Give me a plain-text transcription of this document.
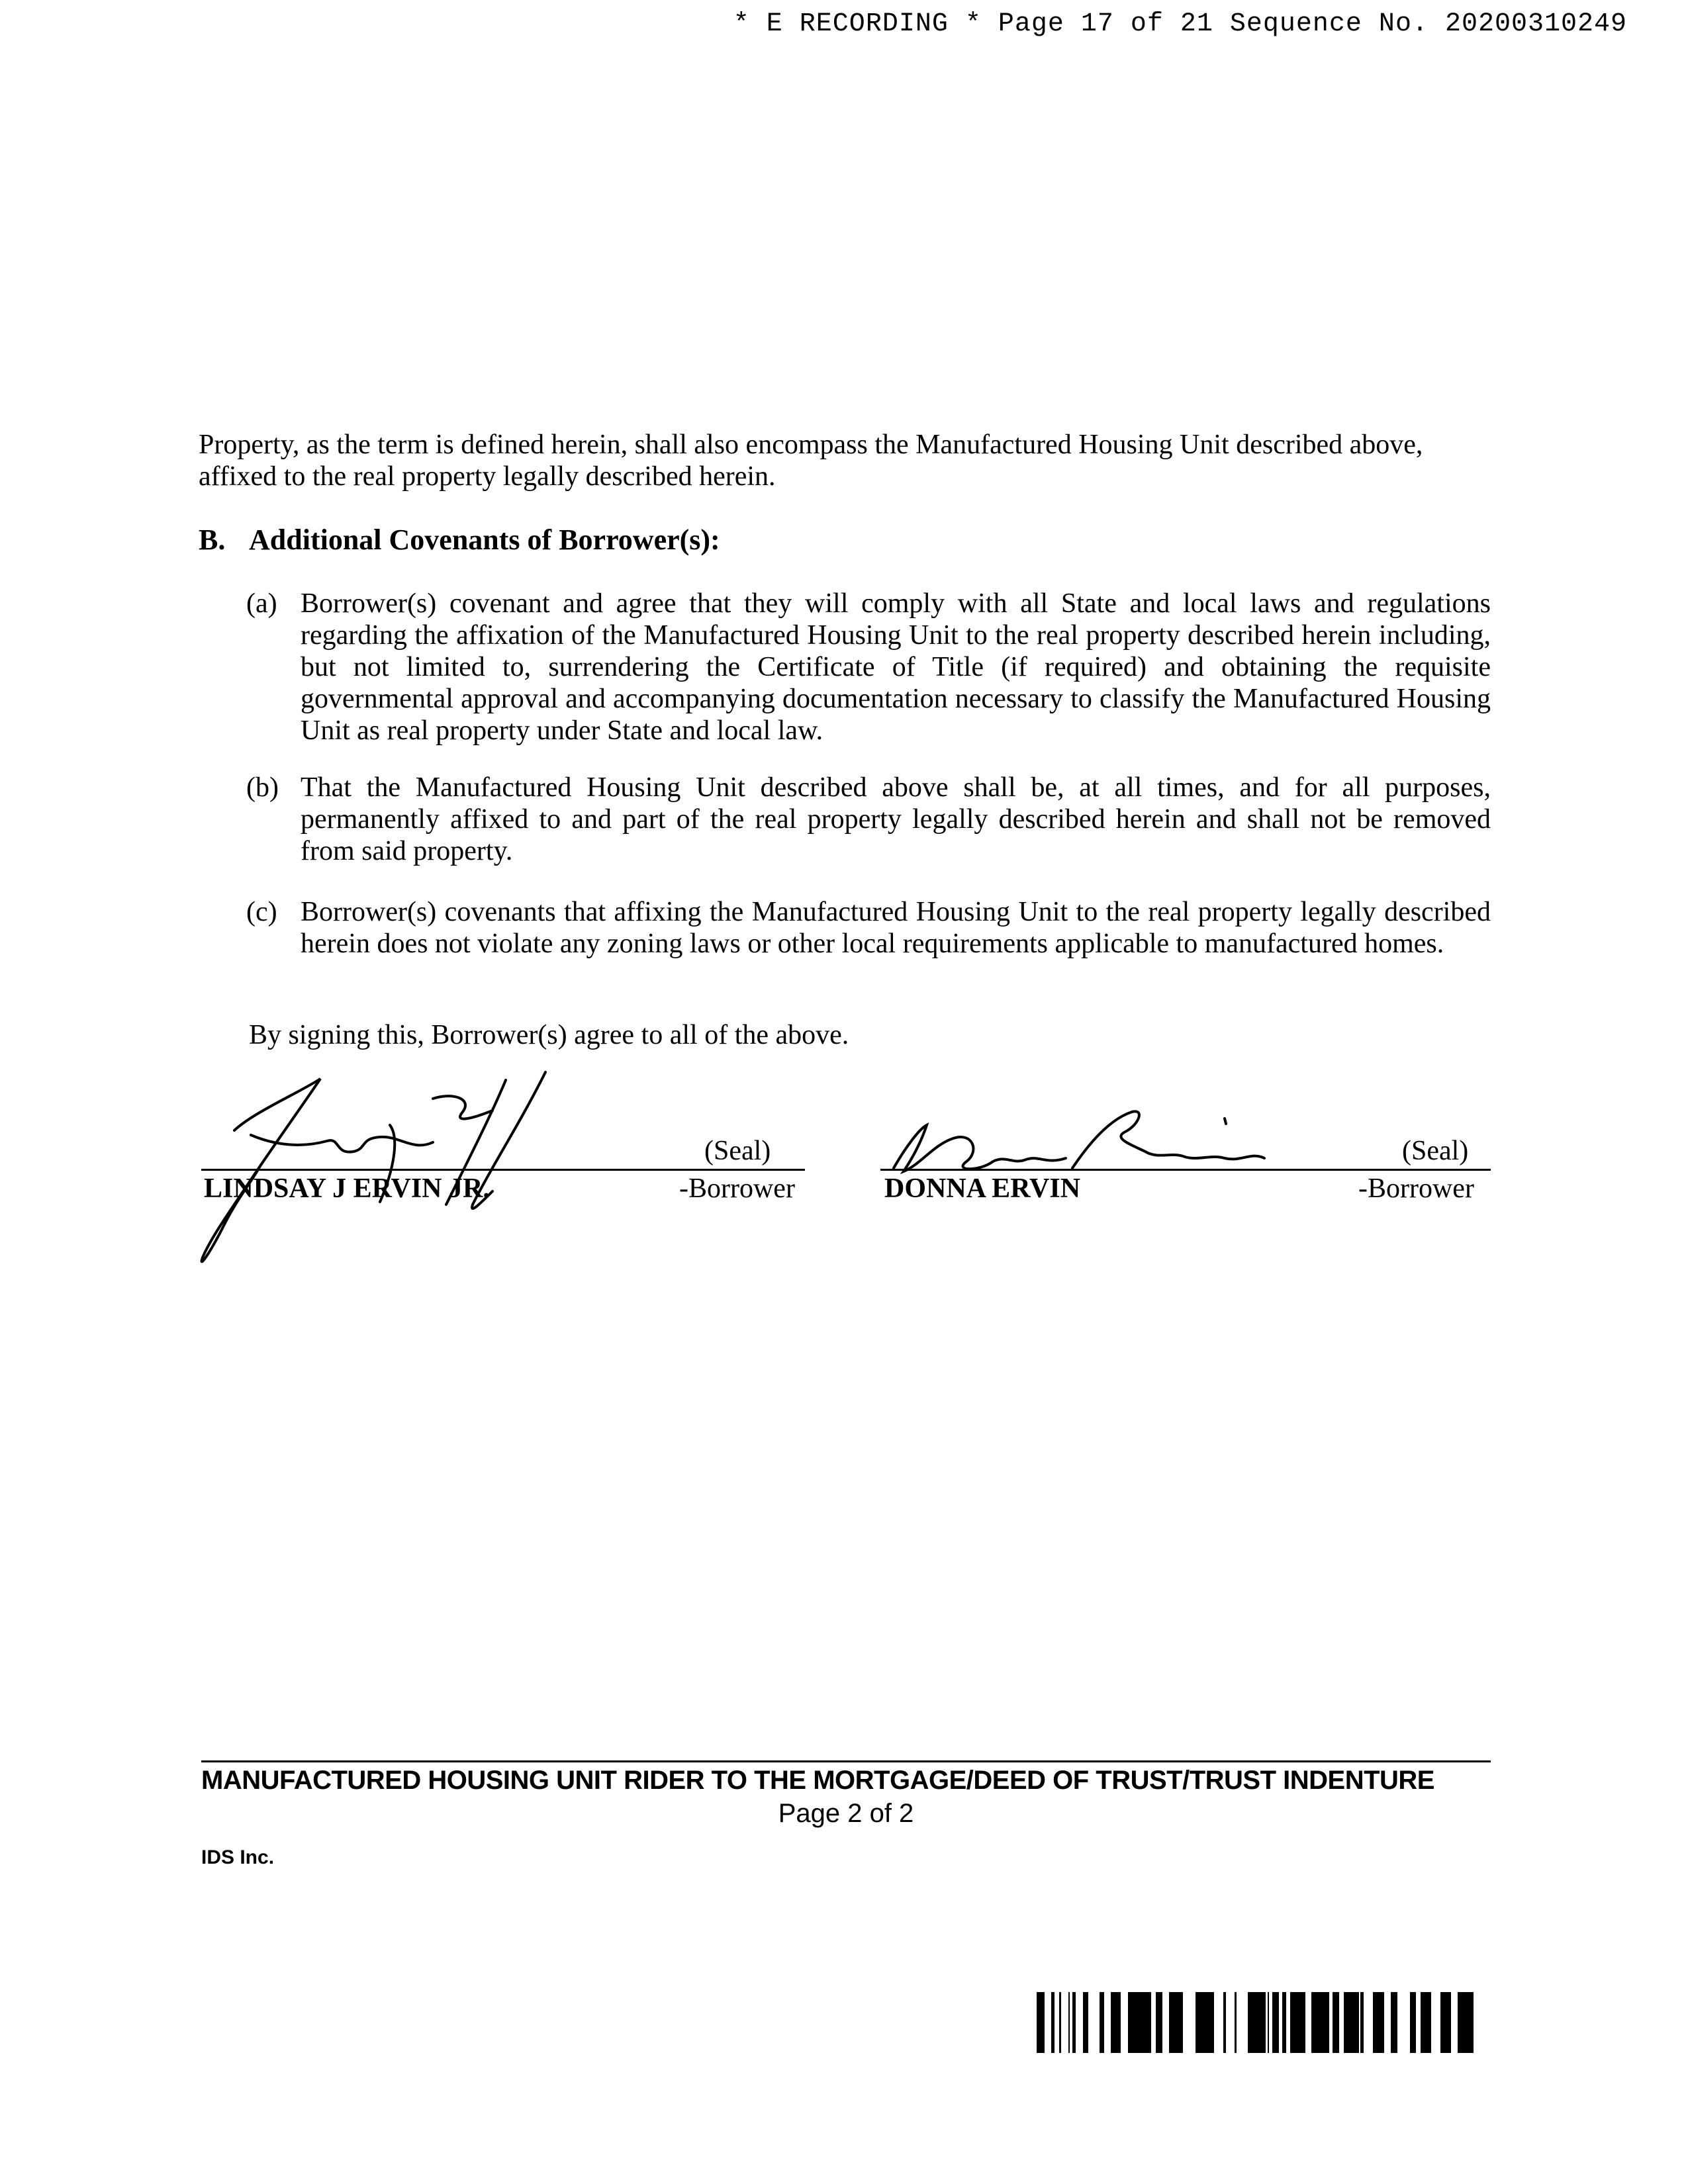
* E RECORDING * Page 17 of 21 Sequence No. 20200310249
Property, as the term is defined herein, shall also encompass the Manufactured Housing Unit described above, affixed to the real property legally described herein.
B. Additional Covenants of Borrower(s):
(a) Borrower(s) covenant and agree that they will comply with all State and local laws and regulations regarding the affixation of the Manufactured Housing Unit to the real property described herein including, but not limited to, surrendering the Certificate of Title (if required) and obtaining the requisite governmental approval and accompanying documentation necessary to classify the Manufactured Housing Unit as real property under State and local law.
(b) That the Manufactured Housing Unit described above shall be, at all times, and for all purposes, permanently affixed to and part of the real property legally described herein and shall not be removed from said property.
(c) Borrower(s) covenants that affixing the Manufactured Housing Unit to the real property legally described herein does not violate any zoning laws or other local requirements applicable to manufactured homes.
By signing this, Borrower(s) agree to all of the above.
(Seal)
LINDSAY J ERVIN JR.	-Borrower
(Seal)
DONNA ERVIN	-Borrower
MANUFACTURED HOUSING UNIT RIDER TO THE MORTGAGE/DEED OF TRUST/TRUST INDENTURE
Page 2 of 2
IDS Inc.
